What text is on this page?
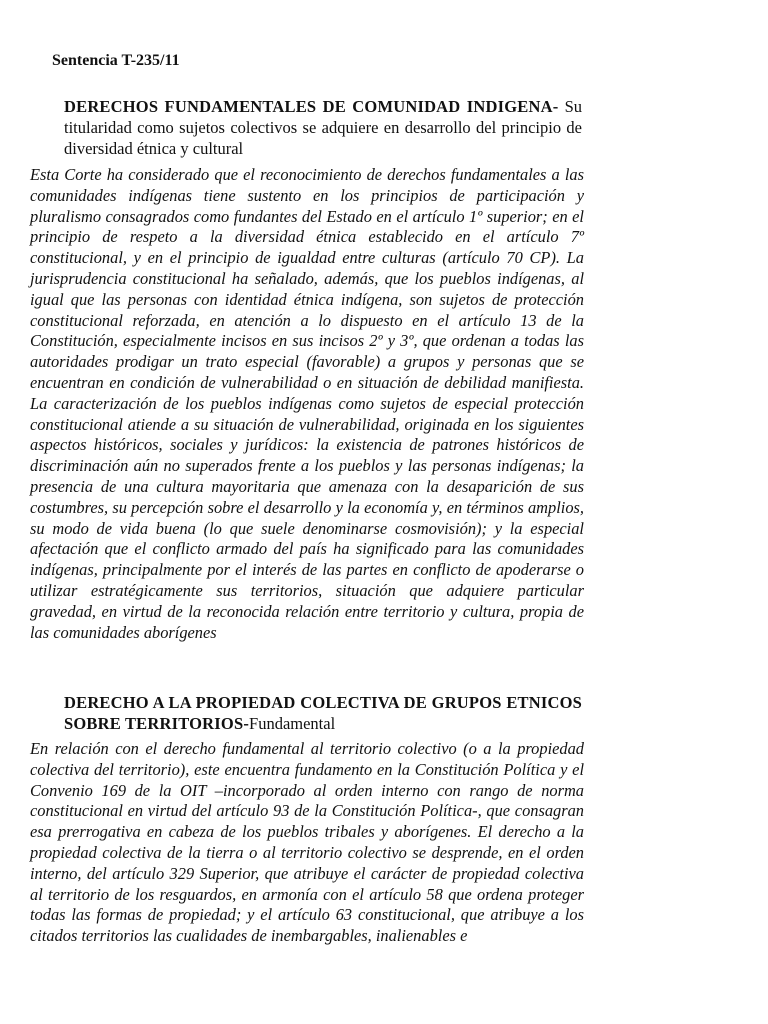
Sentencia T-235/11
DERECHOS FUNDAMENTALES DE COMUNIDAD INDIGENA- Su titularidad como sujetos colectivos se adquiere en desarrollo del principio de diversidad étnica y cultural

Esta Corte ha considerado que el reconocimiento de derechos fundamentales a las comunidades indígenas tiene sustento en los principios de participación y pluralismo consagrados como fundantes del Estado en el artículo 1º superior; en el principio de respeto a la diversidad étnica establecido en el artículo 7º constitucional, y en el principio de igualdad entre culturas (artículo 70 CP). La jurisprudencia constitucional ha señalado, además, que los pueblos indígenas, al igual que las personas con identidad étnica indígena, son sujetos de protección constitucional reforzada, en atención a lo dispuesto en el artículo 13 de la Constitución, especialmente incisos en sus incisos 2º y 3º, que ordenan a todas las autoridades prodigar un trato especial (favorable) a grupos y personas que se encuentran en condición de vulnerabilidad o en situación de debilidad manifiesta. La caracterización de los pueblos indígenas como sujetos de especial protección constitucional atiende a su situación de vulnerabilidad, originada en los siguientes aspectos históricos, sociales y jurídicos: la existencia de patrones históricos de discriminación aún no superados frente a los pueblos y las personas indígenas; la presencia de una cultura mayoritaria que amenaza con la desaparición de sus costumbres, su percepción sobre el desarrollo y la economía y, en términos amplios, su modo de vida buena (lo que suele denominarse cosmovisión); y la especial afectación que el conflicto armado del país ha significado para las comunidades indígenas, principalmente por el interés de las partes en conflicto de apoderarse o utilizar estratégicamente sus territorios, situación que adquiere particular gravedad, en virtud de la reconocida relación entre territorio y cultura, propia de las comunidades aborígenes

DERECHO A LA PROPIEDAD COLECTIVA DE GRUPOS ETNICOS SOBRE TERRITORIOS-Fundamental

En relación con el derecho fundamental al territorio colectivo (o a la propiedad colectiva del territorio), este encuentra fundamento en la Constitución Política y el Convenio 169 de la OIT –incorporado al orden interno con rango de norma constitucional en virtud del artículo 93 de la Constitución Política-, que consagran esa prerrogativa en cabeza de los pueblos tribales y aborígenes. El derecho a la propiedad colectiva de la tierra o al territorio colectivo se desprende, en el orden interno, del artículo 329 Superior, que atribuye el carácter de propiedad colectiva al territorio de los resguardos, en armonía con el artículo 58 que ordena proteger todas las formas de propiedad; y el artículo 63 constitucional, que atribuye a los citados territorios las cualidades de inembargables, inalienables e
